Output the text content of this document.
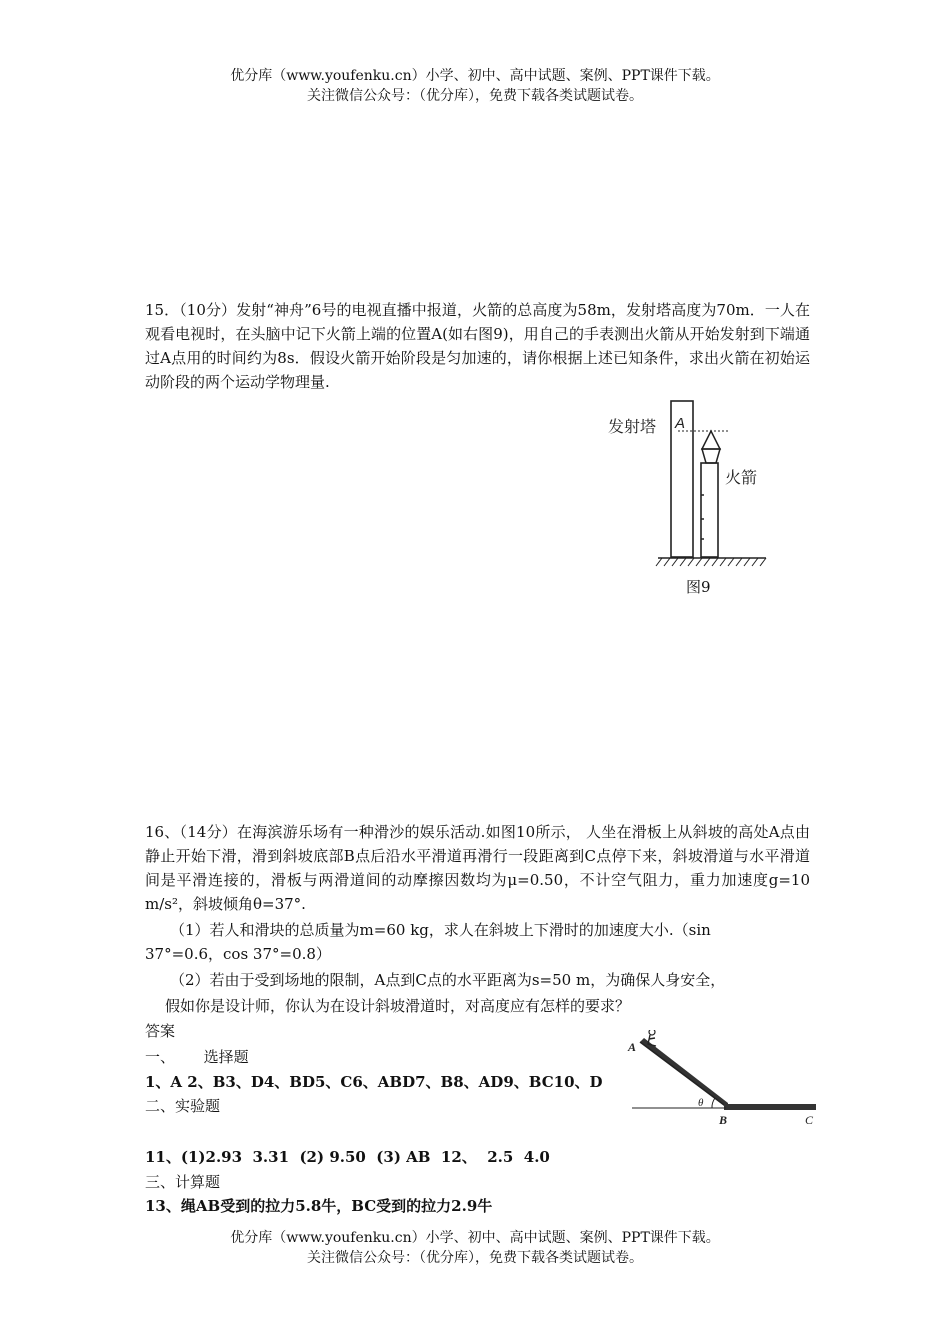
优分库（www.youfenku.cn）小学、初中、高中试题、案例、PPT课件下载。
关注微信公众号：（优分库），免费下载各类试题试卷。
15．（10分）发射“神舟”6号的电视直播中报道，火箭的总高度为58m，发射塔高度为70m．一人在观看电视时，在头脑中记下火箭上端的位置A(如右图9)，用自己的手表测出火箭从开始发射到下端通过A点用的时间约为8s．假设火箭开始阶段是匀加速的，请你根据上述已知条件，求出火箭在初始运动阶段的两个运动学物理量.
发射塔 A
火箭
图9
16、（14分）在海滨游乐场有一种滑沙的娱乐活动.如图10所示， 人坐在滑板上从斜坡的高处A点由静止开始下滑，滑到斜坡底部B点后沿水平滑道再滑行一段距离到C点停下来，斜坡滑道与水平滑道间是平滑连接的，滑板与两滑道间的动摩擦因数均为μ=0.50，不计空气阻力，重力加速度g=10 m/s²，斜坡倾角θ=37°.
（1）若人和滑块的总质量为m=60 kg，求人在斜坡上下滑时的加速度大小.（sin
37°=0.6，cos 37°=0.8）
（2）若由于受到场地的限制，A点到C点的水平距离为s=50 m，为确保人身安全，
假如你是设计师，你认为在设计斜坡滑道时，对高度应有怎样的要求？
A
θ
B	C
答案
一、      选择题
1、A 2、B3、D4、BD5、C6、ABD7、B8、AD9、BC10、D
二、实验题
11、(1)2.93  3.31  (2) 9.50  (3) AB  12、  2.5  4.0
三、计算题
13、绳AB受到的拉力5.8牛，BC受到的拉力2.9牛
优分库（www.youfenku.cn）小学、初中、高中试题、案例、PPT课件下载。
关注微信公众号：（优分库），免费下载各类试题试卷。
